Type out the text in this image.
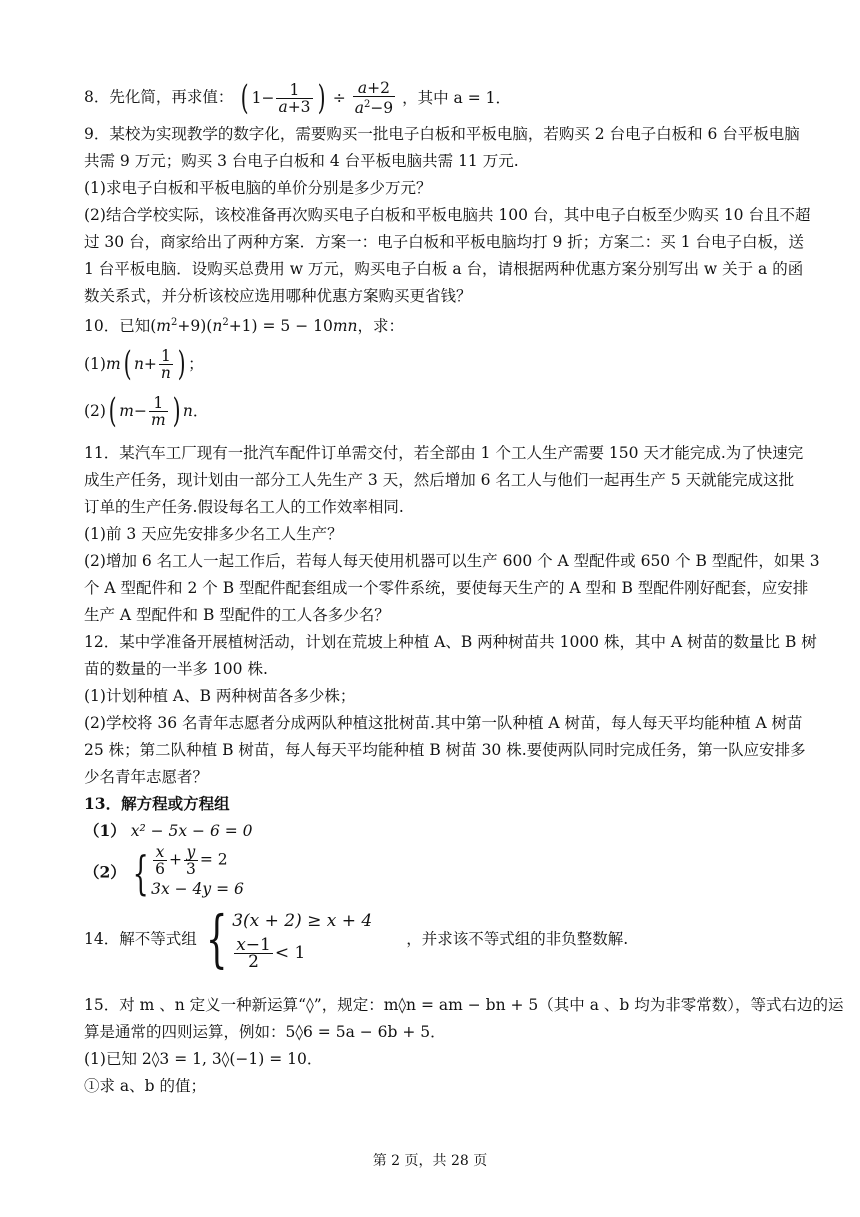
8．先化简，再求值： ( $1- \frac{1}{a+3}$ ) ÷ $\frac{a+2}{a^2-9}$ ，其中 a = 1．
9．某校为实现教学的数字化，需要购买一批电子白板和平板电脑，若购买 2 台电子白板和 6 台平板电脑
共需 9 万元；购买 3 台电子白板和 4 台平板电脑共需 11 万元.
(1)求电子白板和平板电脑的单价分别是多少万元？
(2)结合学校实际，该校准备再次购买电子白板和平板电脑共 100 台，其中电子白板至少购买 10 台且不超
过 30 台，商家给出了两种方案．方案一：电子白板和平板电脑均打 9 折；方案二：买 1 台电子白板，送
1 台平板电脑．设购买总费用 w 万元，购买电子白板 a 台，请根据两种优惠方案分别写出 w 关于 a 的函
数关系式，并分析该校应选用哪种优惠方案购买更省钱？
10．已知$(m^2+9)(n^2+1) = 5 - 10mn$，求：
(1)m( $n+ \frac{1}{n}$ ) ；
(2)( $m- \frac{1}{m}$ ) n．
11．某汽车工厂现有一批汽车配件订单需交付，若全部由 1 个工人生产需要 150 天才能完成.为了快速完
成生产任务，现计划由一部分工人先生产 3 天，然后增加 6 名工人与他们一起再生产 5 天就能完成这批
订单的生产任务.假设每名工人的工作效率相同.
(1)前 3 天应先安排多少名工人生产？
(2)增加 6 名工人一起工作后，若每人每天使用机器可以生产 600 个 A 型配件或 650 个 B 型配件，如果 3
个 A 型配件和 2 个 B 型配件配套组成一个零件系统，要使每天生产的 A 型和 B 型配件刚好配套，应安排
生产 A 型配件和 B 型配件的工人各多少名？
12．某中学准备开展植树活动，计划在荒坡上种植 A、B 两种树苗共 1000 株，其中 A 树苗的数量比 B 树
苗的数量的一半多 100 株.
(1)计划种植 A、B 两种树苗各多少株；
(2)学校将 36 名青年志愿者分成两队种植这批树苗.其中第一队种植 A 树苗，每人每天平均能种植 A 树苗
25 株；第二队种植 B 树苗，每人每天平均能种植 B 树苗 30 株.要使两队同时完成任务，第一队应安排多
少名青年志愿者？
13．解方程或方程组
（1） x² − 5x − 6 = 0
（2） { $\frac{x}{6} + \frac{y}{3} = 2$
3x − 4y = 6
14．解不等式组 { 3(x + 2) ≥ x + 4
$\frac{x-1}{2} < 1$
，并求该不等式组的非负整数解.
15．对 m 、n 定义一种新运算“◊”，规定：m◊n = am − bn + 5（其中 a 、b 均为非零常数），等式右边的运
算是通常的四则运算，例如：5◊6 = 5a − 6b + 5．
(1)已知 2◊3 = 1, 3◊(−1) = 10．
①求 a、b 的值；
第 2 页，共 28 页
